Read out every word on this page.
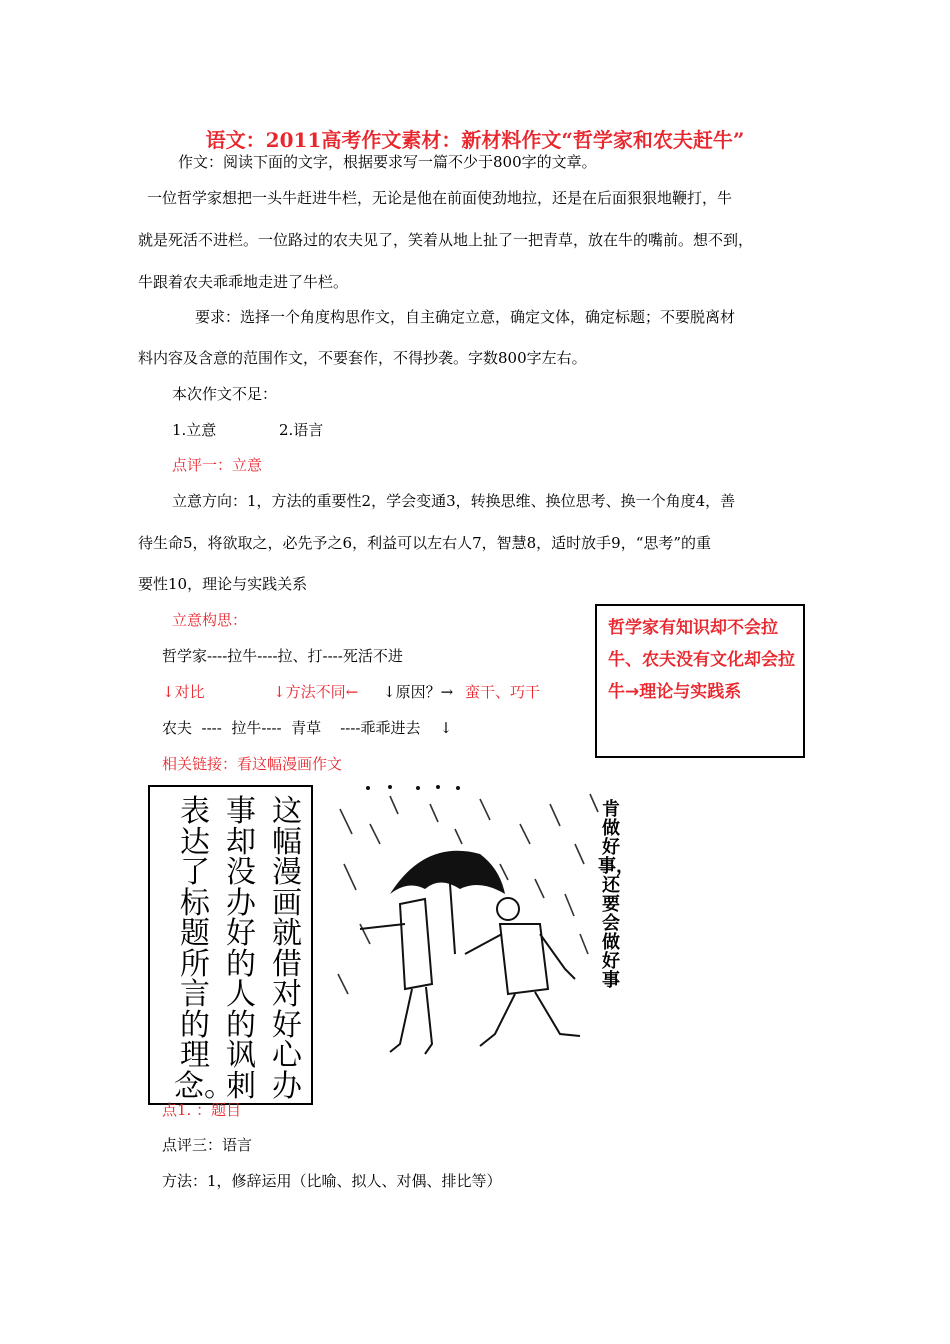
语文：2011高考作文素材：新材料作文“哲学家和农夫赶牛”
作文：阅读下面的文字，根据要求写一篇不少于800字的文章。
一位哲学家想把一头牛赶进牛栏，无论是他在前面使劲地拉，还是在后面狠狠地鞭打，牛
就是死活不进栏。一位路过的农夫见了，笑着从地上扯了一把青草，放在牛的嘴前。想不到，
牛跟着农夫乖乖地走进了牛栏。
要求：选择一个角度构思作文，自主确定立意，确定文体，确定标题；不要脱离材
料内容及含意的范围作文，不要套作，不得抄袭。字数800字左右。
本次作文不足：
1.立意	2.语言
点评一：立意
立意方向：1，方法的重要性2，学会变通3，转换思维、换位思考、换一个角度4，善
待生命5，将欲取之，必先予之6，利益可以左右人7，智慧8，适时放手9，“思考”的重
要性10，理论与实践关系
立意构思：
哲学家----拉牛----拉、打----死活不进
↓对比	↓方法不同← ↓原因？→ 蛮干、巧干
农夫  ----  拉牛----  青草    ----乖乖进去    ↓
哲学家有知识却不会拉牛、农夫没有文化却会拉牛→理论与实践系
相关链接：看这幅漫画作文
这幅漫画就借对好心办
事却没办好的人的讽刺
表达了标题所言的理念。
肯做好事，还要会做好事
点1. ：题目
点评三：语言
方法：1，修辞运用（比喻、拟人、对偶、排比等）
